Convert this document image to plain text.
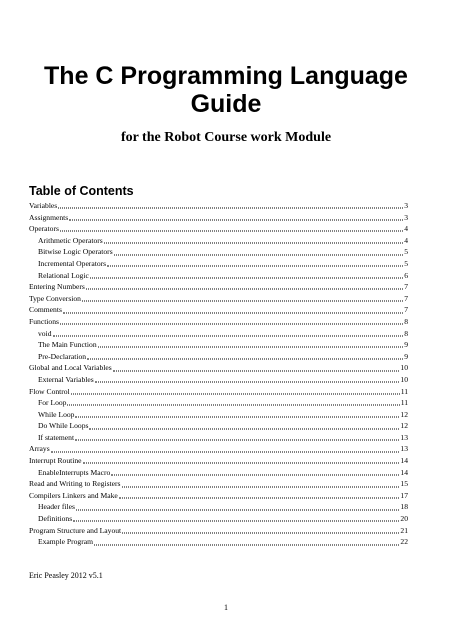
The C Programming Language
Guide
for the Robot Course work Module
Table of Contents
Variables	3
Assignments	3
Operators	4
Arithmetic Operators	4
Bitwise Logic Operators	5
Incremental Operators	5
Relational Logic	6
Entering Numbers	7
Type Conversion	7
Comments	7
Functions	8
void	8
The Main Function	9
Pre-Declaration	9
Global and Local Variables	10
External Variables	10
Flow Control	11
For Loop	11
While Loop	12
Do While Loops	12
If statement	13
Arrays	13
Interrupt Routine	14
EnableInterrupts Macro	14
Read and Writing to Registers	15
Compilers Linkers and Make	17
Header files	18
Definitions	20
Program Structure and Layout	21
Example Program	22
Eric Peasley 2012 v5.1
1
